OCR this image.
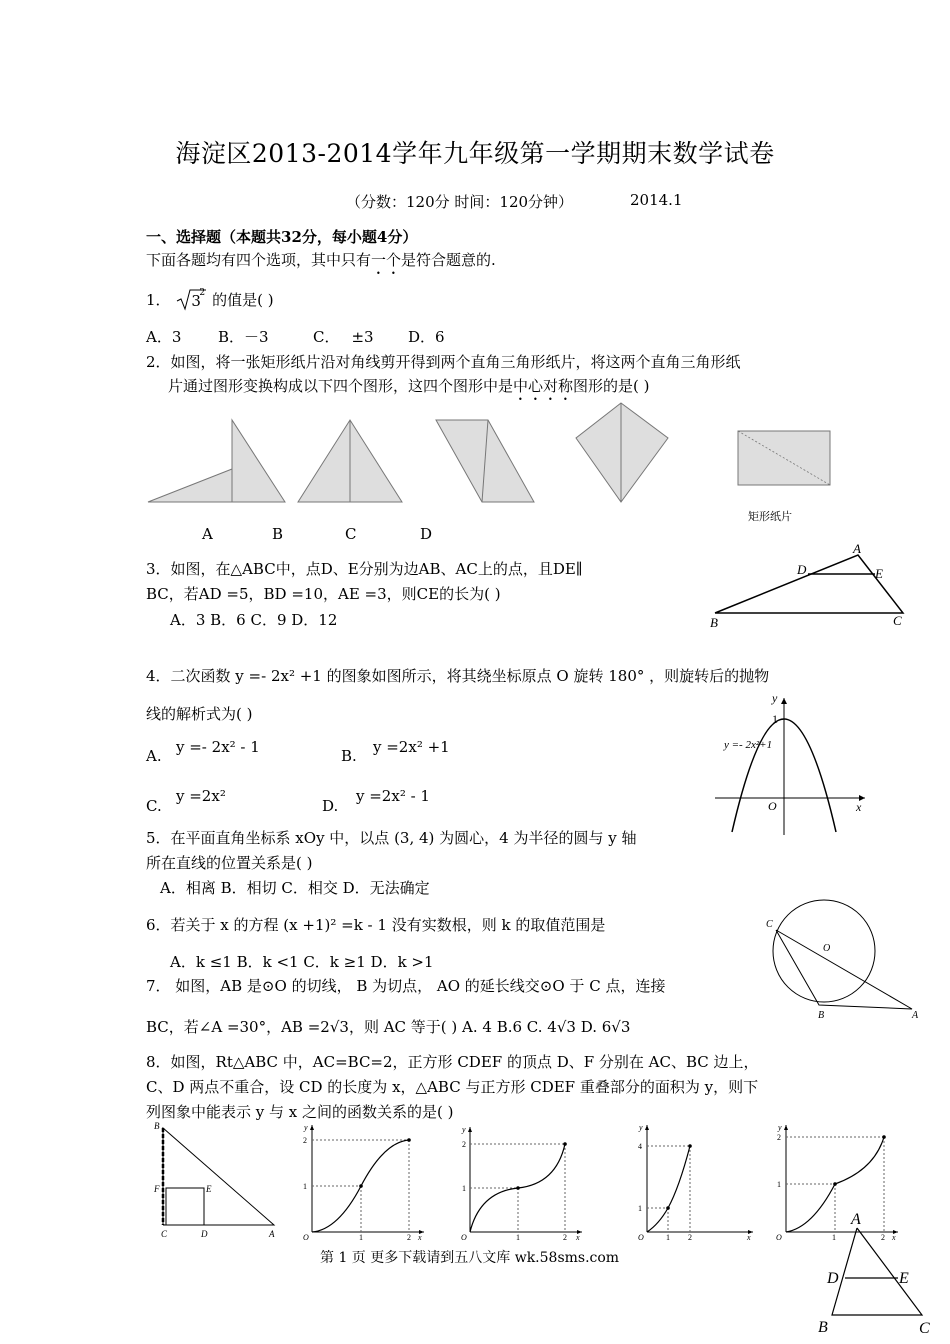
海淀区2013-2014学年九年级第一学期期末数学试卷
（分数：120分 时间：120分钟）	2014.1
一、选择题（本题共32分，每小题4分）
下面各题均有四个选项，其中只有一个是符合题意的.
1． 3
2 的值是( )
A．3 B．－3	C． ±3 D．6
2．如图，将一张矩形纸片沿对角线剪开得到两个直角三角形纸片，将这两个直角三角形纸
片通过图形变换构成以下四个图形，这四个图形中是中心对称图形的是( )
A	B	C	D
矩形纸片
3．如图，在△ABC中，点D、E分别为边AB、AC上的点，且DE∥
BC，若AD =5，BD =10，AE =3，则CE的长为( )
A．3 B．6 C．9 D．12
A
D	E
B	C
4．二次函数 y =- 2x² +1 的图象如图所示，将其绕坐标原点 O 旋转 180° ，则旋转后的抛物
线的解析式为( )
A. y =- 2x² - 1	B. y =2x² +1
C.
y =2x²
D.
y =2x² - 1
y
1
y =- 2x²+1
O	x
5．在平面直角坐标系 xOy 中，以点 (3, 4) 为圆心，4 为半径的圆与 y 轴
所在直线的位置关系是( )
A．相离 B．相切 C．相交 D．无法确定
6．若关于 x 的方程 (x +1)² =k - 1 没有实数根，则 k 的取值范围是
A．k ≤1 B．k <1 C．k ≥1 D．k >1
C
O
B	A
7． 如图，AB 是⊙O 的切线， B 为切点， AO 的延长线交⊙O 于 C 点，连接
BC，若∠A =30°，AB =2√3，则 AC 等于( ) A. 4 B.6 C. 4√3 D. 6√3
8．如图，Rt△ABC 中，AC=BC=2，正方形 CDEF 的顶点 D、F 分别在 AC、BC 边上，
C、D 两点不重合，设 CD 的长度为 x，△ABC 与正方形 CDEF 重叠部分的面积为 y，则下
列图象中能表示 y 与 x 之间的函数关系的是( )
B
F	E
C	D	A
y
2
1
O	1	2 x
y
2
1
O	1	2 x
y
4
1
O	1 2	x
y
2
1
O	1	2 x
A
D	E
B	C
第 1 页 更多下载请到五八文库 wk.58sms.com
